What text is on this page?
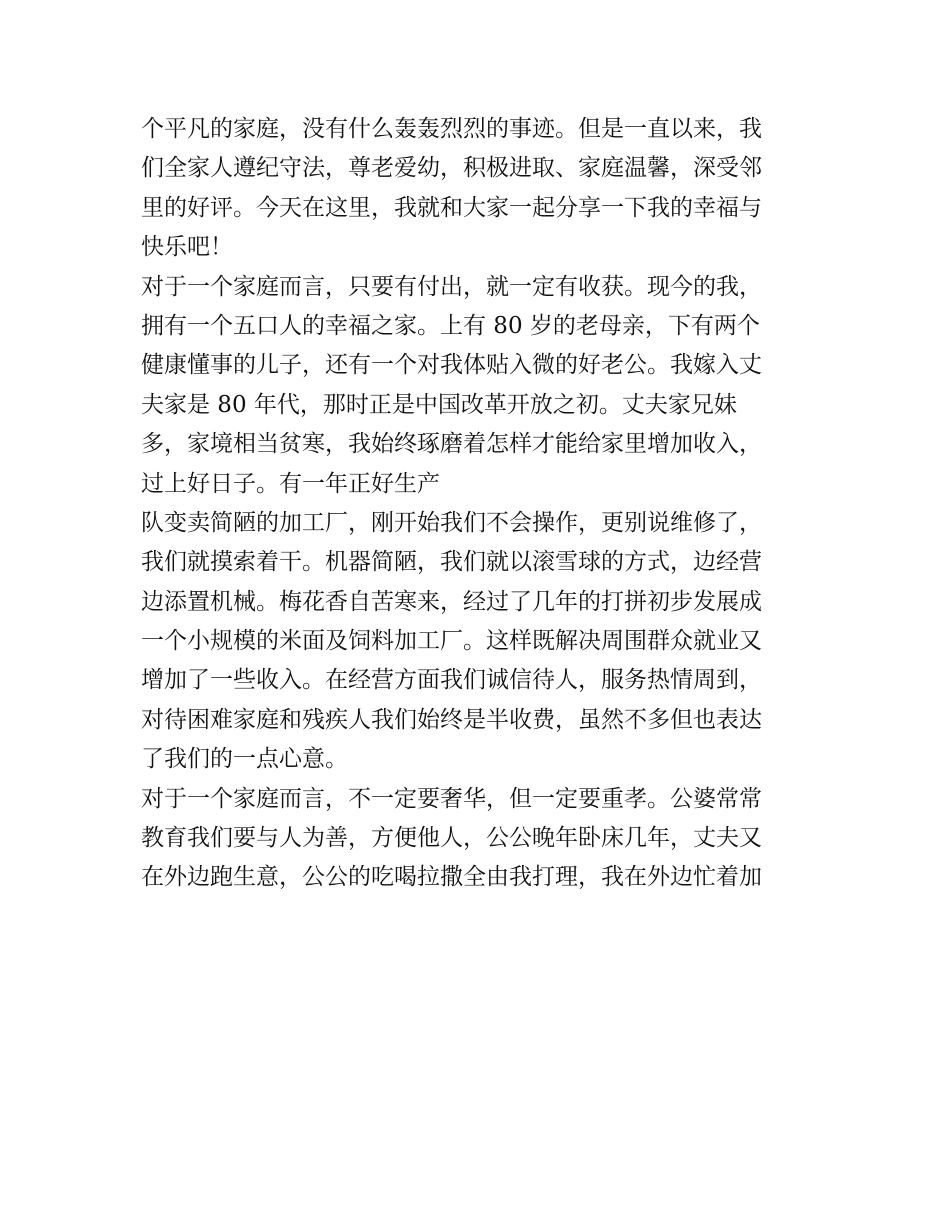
个平凡的家庭，没有什么轰轰烈烈的事迹。但是一直以来，我
们全家人遵纪守法，尊老爱幼，积极进取、家庭温馨，深受邻
里的好评。今天在这里，我就和大家一起分享一下我的幸福与
快乐吧！
对于一个家庭而言，只要有付出，就一定有收获。现今的我，
拥有一个五口人的幸福之家。上有 80 岁的老母亲，下有两个
健康懂事的儿子，还有一个对我体贴入微的好老公。我嫁入丈
夫家是 80 年代，那时正是中国改革开放之初。丈夫家兄妹
多，家境相当贫寒，我始终琢磨着怎样才能给家里增加收入，
过上好日子。有一年正好生产
队变卖简陋的加工厂，刚开始我们不会操作，更别说维修了，
我们就摸索着干。机器简陋，我们就以滚雪球的方式，边经营
边添置机械。梅花香自苦寒来，经过了几年的打拼初步发展成
一个小规模的米面及饲料加工厂。这样既解决周围群众就业又
增加了一些收入。在经营方面我们诚信待人，服务热情周到，
对待困难家庭和残疾人我们始终是半收费，虽然不多但也表达
了我们的一点心意。
对于一个家庭而言，不一定要奢华，但一定要重孝。公婆常常
教育我们要与人为善，方便他人，公公晚年卧床几年，丈夫又
在外边跑生意，公公的吃喝拉撒全由我打理，我在外边忙着加
